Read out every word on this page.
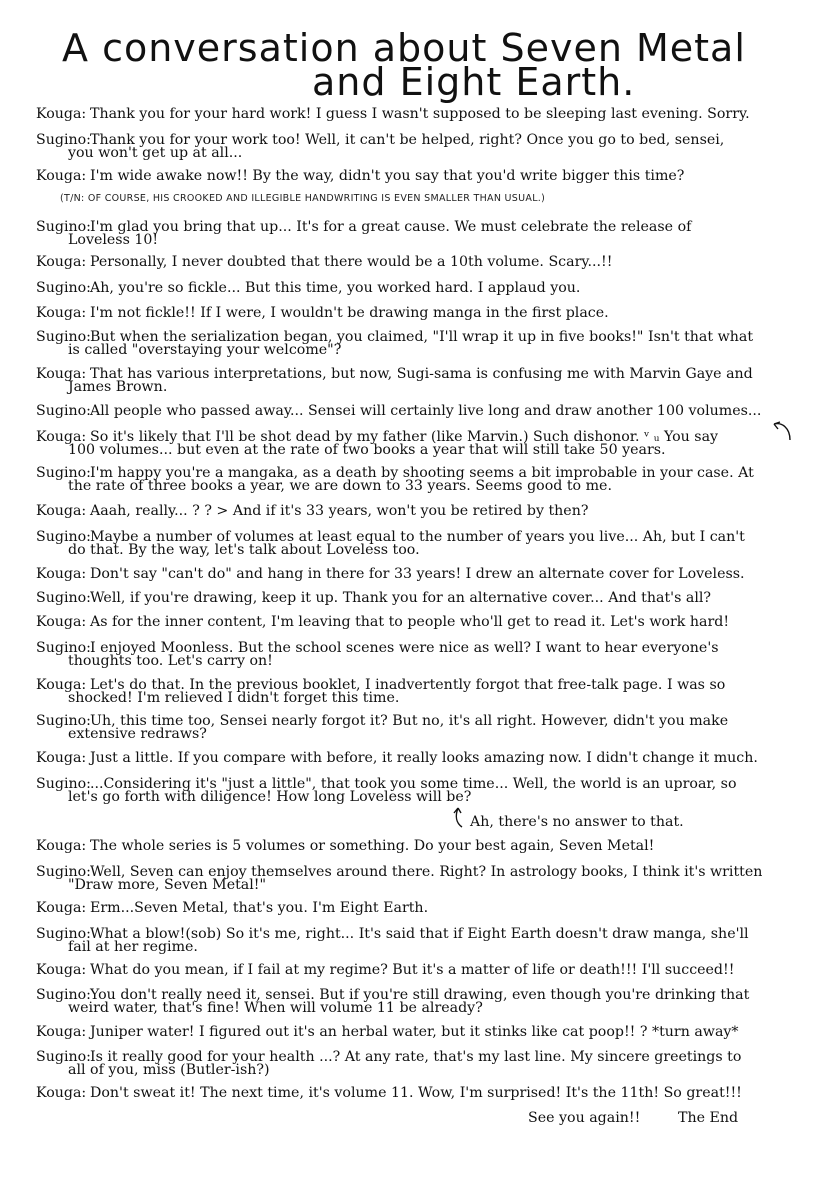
A conversation about Seven Metal
and Eight Earth.
Kouga: Thank you for your hard work! I guess I wasn't supposed to be sleeping last evening. Sorry.
Sugino:Thank you for your work too! Well, it can't be helped, right? Once you go to bed, sensei,
you won't get up at all...
Kouga: I'm wide awake now!! By the way, didn't you say that you'd write bigger this time?
Sugino:I'm glad you bring that up... It's for a great cause. We must celebrate the release of
Loveless 10!
Kouga: Personally, I never doubted that there would be a 10th volume. Scary...!!
Sugino:Ah, you're so fickle... But this time, you worked hard. I applaud you.
Kouga: I'm not fickle!! If I were, I wouldn't be drawing manga in the first place.
Sugino:But when the serialization began, you claimed, "I'll wrap it up in five books!" Isn't that what
is called "overstaying your welcome"?
Kouga: That has various interpretations, but now, Sugi-sama is confusing me with Marvin Gaye and
James Brown.
Sugino:All people who passed away... Sensei will certainly live long and draw another 100 volumes...
Kouga: So it's likely that I'll be shot dead by my father (like Marvin.) Such dishonor. ᵛ ᵤ You say
100 volumes... but even at the rate of two books a year that will still take 50 years.
Sugino:I'm happy you're a mangaka, as a death by shooting seems a bit improbable in your case. At
the rate of three books a year, we are down to 33 years. Seems good to me.
Kouga: Aaah, really... ? ? > And if it's 33 years, won't you be retired by then?
Sugino:Maybe a number of volumes at least equal to the number of years you live... Ah, but I can't
do that. By the way, let's talk about Loveless too.
Kouga: Don't say "can't do" and hang in there for 33 years! I drew an alternate cover for Loveless.
Sugino:Well, if you're drawing, keep it up. Thank you for an alternative cover... And that's all?
Kouga: As for the inner content, I'm leaving that to people who'll get to read it. Let's work hard!
Sugino:I enjoyed Moonless. But the school scenes were nice as well? I want to hear everyone's
thoughts too. Let's carry on!
Kouga: Let's do that. In the previous booklet, I inadvertently forgot that free-talk page. I was so
shocked! I'm relieved I didn't forget this time.
Sugino:Uh, this time too, Sensei nearly forgot it? But no, it's all right. However, didn't you make
extensive redraws?
Kouga: Just a little. If you compare with before, it really looks amazing now. I didn't change it much.
Sugino:...Considering it's "just a little", that took you some time... Well, the world is an uproar, so
let's go forth with diligence! How long Loveless will be?
Kouga: The whole series is 5 volumes or something. Do your best again, Seven Metal!
Sugino:Well, Seven can enjoy themselves around there. Right? In astrology books, I think it's written
"Draw more, Seven Metal!"
Kouga: Erm...Seven Metal, that's you. I'm Eight Earth.
Sugino:What a blow!(sob) So it's me, right... It's said that if Eight Earth doesn't draw manga, she'll
fail at her regime.
Kouga: What do you mean, if I fail at my regime? But it's a matter of life or death!!! I'll succeed!!
Sugino:You don't really need it, sensei. But if you're still drawing, even though you're drinking that
weird water, that's fine! When will volume 11 be already?
Kouga: Juniper water! I figured out it's an herbal water, but it stinks like cat poop!! ? *turn away*
Sugino:Is it really good for your health ...? At any rate, that's my last line. My sincere greetings to
all of you, miss (Butler-ish?)
Kouga: Don't sweat it! The next time, it's volume 11. Wow, I'm surprised! It's the 11th! So great!!!
(T/N: OF COURSE, HIS CROOKED AND ILLEGIBLE HANDWRITING IS EVEN SMALLER THAN USUAL.)
Ah, there's no answer to that.
See you again!!	The End
